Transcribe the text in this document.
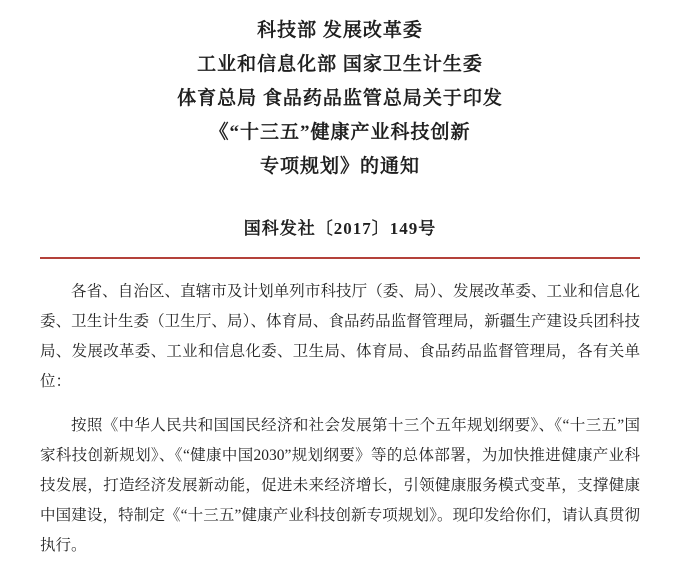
科技部 发展改革委
工业和信息化部 国家卫生计生委
体育总局 食品药品监管总局关于印发
《“十三五”健康产业科技创新
专项规划》的通知
国科发社〔2017〕149号

各省、自治区、直辖市及计划单列市科技厅（委、局）、发展改革委、工业和信息化委、卫生计生委（卫生厅、局）、体育局、食品药品监督管理局，新疆生产建设兵团科技局、发展改革委、工业和信息化委、卫生局、体育局、食品药品监督管理局，各有关单位：

按照《中华人民共和国国民经济和社会发展第十三个五年规划纲要》、《“十三五”国家科技创新规划》、《“健康中国2030”规划纲要》等的总体部署，为加快推进健康产业科技发展，打造经济发展新动能，促进未来经济增长，引领健康服务模式变革，支撑健康中国建设，特制定《“十三五”健康产业科技创新专项规划》。现印发给你们，请认真贯彻执行。
